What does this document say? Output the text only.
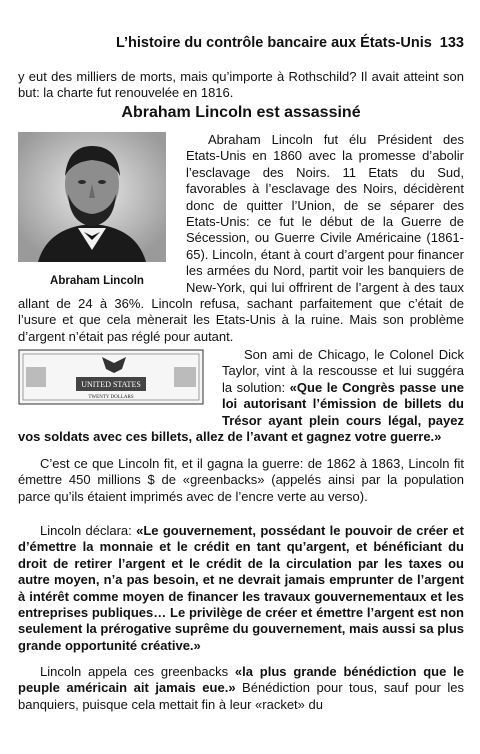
L’histoire du contrôle bancaire aux États-Unis 133

y eut des milliers de morts, mais qu’importe à Rothschild? Il avait atteint son but: la charte fut renouvelée en 1816.

Abraham Lincoln est assassiné
Abraham Lincoln

Abraham Lincoln fut élu Président des Etats-Unis en 1860 avec la promesse d’abolir l’esclavage des Noirs. 11 Etats du Sud, favorables à l’esclavage des Noirs, décidèrent donc de quitter l’Union, de se séparer des Etats-Unis: ce fut le début de la Guerre de Sécession, ou Guerre Civile Américaine (1861-65). Lincoln, étant à court d’argent pour financer les armées du Nord, partit voir les banquiers de New-York, qui lui offrirent de l’argent à des taux allant de 24 à 36%. Lincoln refusa, sachant parfaitement que c’était de l’usure et que cela mènerait les Etats-Unis à la ruine. Mais son problème d’argent n’était pas réglé pour autant.

UNITED STATES
TWENTY DOLLARS

Son ami de Chicago, le Colonel Dick Taylor, vint à la rescousse et lui suggéra la solution: «Que le Congrès passe une loi autorisant l’émission de billets du Trésor ayant plein cours légal, payez vos soldats avec ces billets, allez de l’avant et gagnez votre guerre.»

C’est ce que Lincoln fit, et il gagna la guerre: de 1862 à 1863, Lincoln fit émettre 450 millions $ de «greenbacks» (appelés ainsi par la population parce qu’ils étaient imprimés avec de l’encre verte au verso).

Lincoln déclara: «Le gouvernement, possédant le pouvoir de créer et d’émettre la monnaie et le crédit en tant qu’argent, et bénéficiant du droit de retirer l’argent et le crédit de la circulation par les taxes ou autre moyen, n’a pas besoin, et ne devrait jamais emprunter de l’argent à intérêt comme moyen de financer les travaux gouvernementaux et les entreprises publiques… Le privilège de créer et émettre l’argent est non seulement la prérogative suprême du gouvernement, mais aussi sa plus grande opportunité créative.»

Lincoln appela ces greenbacks «la plus grande bénédiction que le peuple américain ait jamais eue.» Bénédiction pour tous, sauf pour les banquiers, puisque cela mettait fin à leur «racket» du
